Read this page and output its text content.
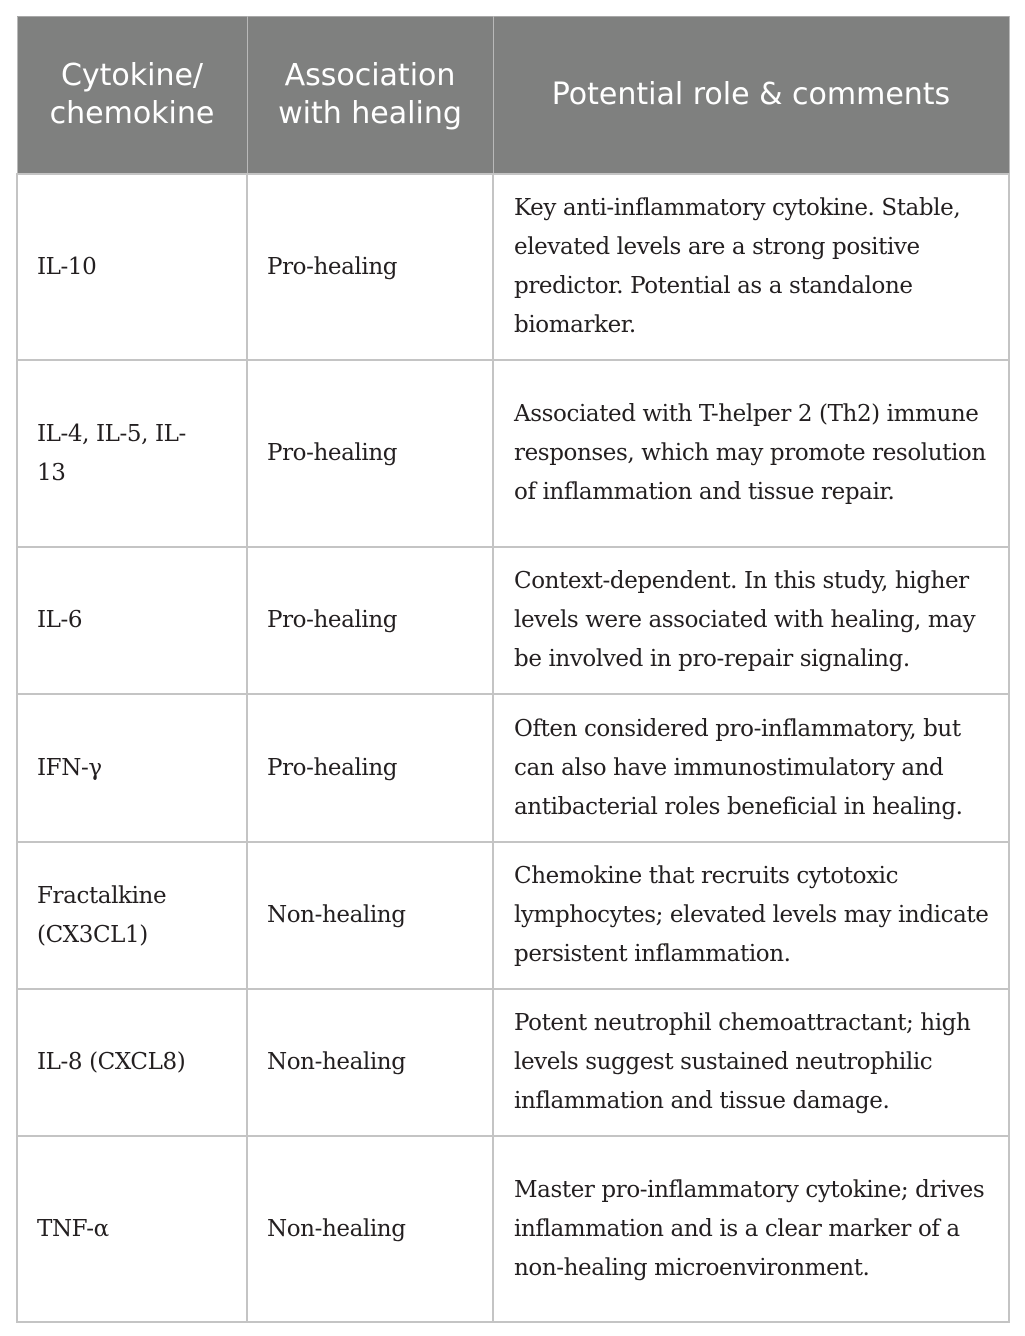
Cytokine/ chemokine	Association with healing	Potential role & comments
IL-10	Pro-healing	Key anti-inflammatory cytokine. Stable, elevated levels are a strong positive predictor. Potential as a standalone biomarker.
IL-4, IL-5, IL-13	Pro-healing	Associated with T-helper 2 (Th2) immune responses, which may promote resolution of inflammation and tissue repair.
IL-6	Pro-healing	Context-dependent. In this study, higher levels were associated with healing, may be involved in pro-repair signaling.
IFN-γ	Pro-healing	Often considered pro-inflammatory, but can also have immunostimulatory and antibacterial roles beneficial in healing.
Fractalkine (CX3CL1)	Non-healing	Chemokine that recruits cytotoxic lymphocytes; elevated levels may indicate persistent inflammation.
IL-8 (CXCL8)	Non-healing	Potent neutrophil chemoattractant; high levels suggest sustained neutrophilic inflammation and tissue damage.
TNF-α	Non-healing	Master pro-inflammatory cytokine; drives inflammation and is a clear marker of a non-healing microenvironment.
